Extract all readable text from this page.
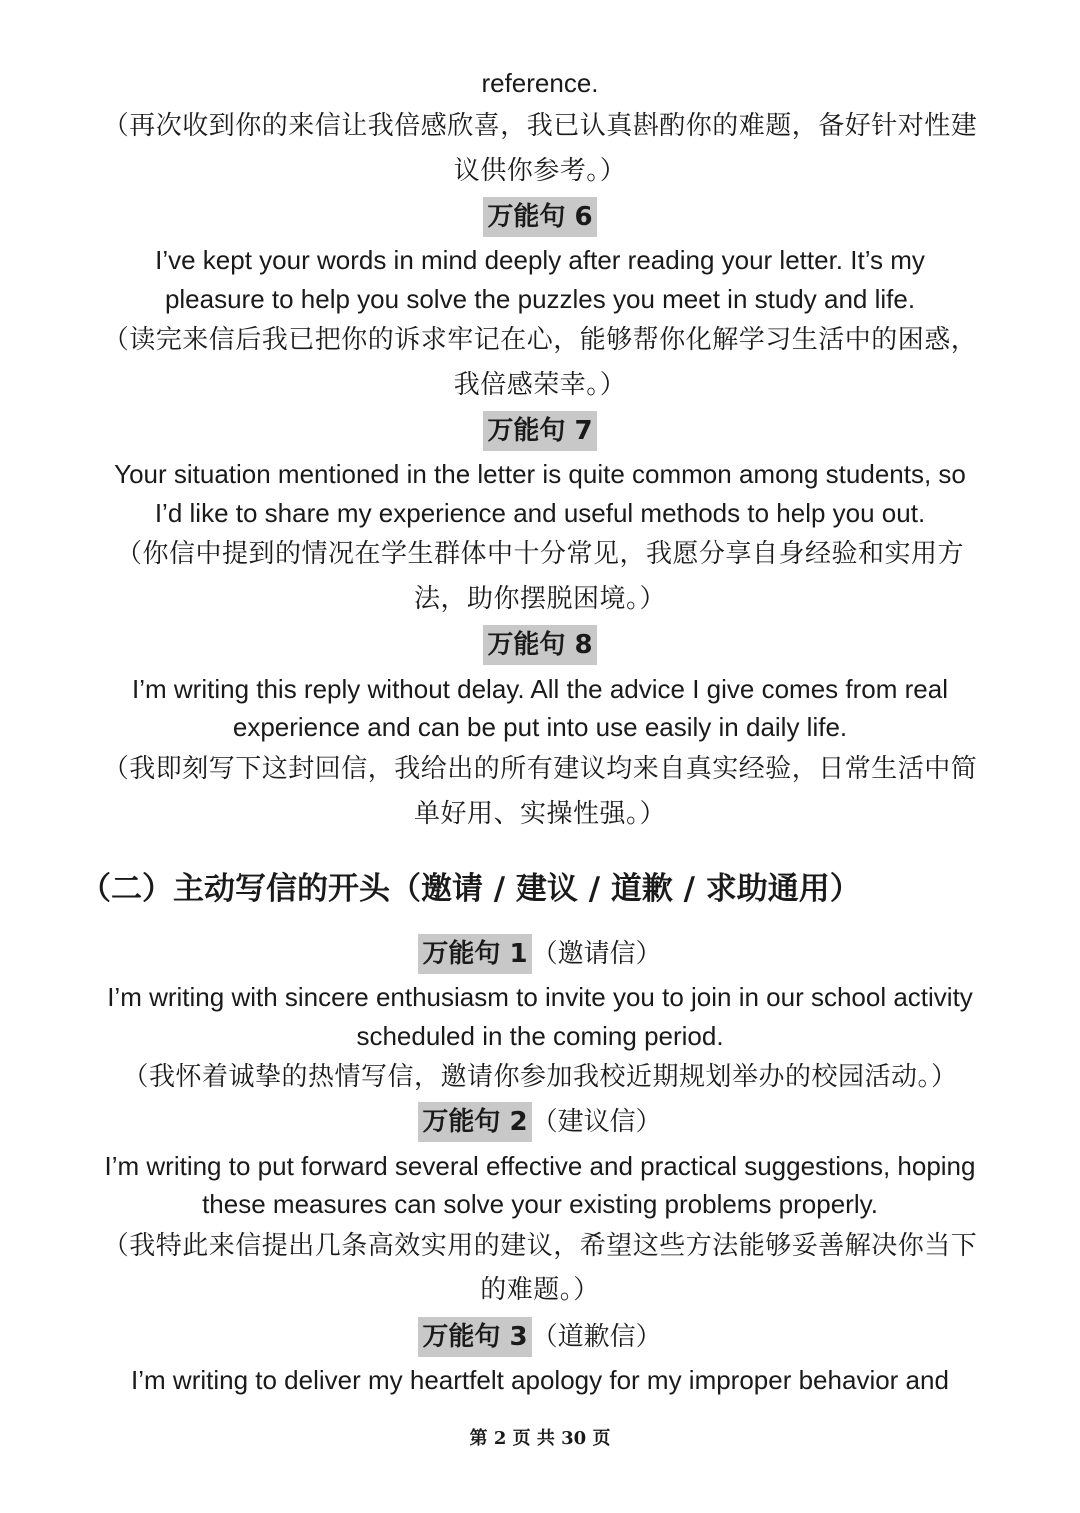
reference.
（再次收到你的来信让我倍感欣喜，我已认真斟酌你的难题，备好针对性建
议供你参考。）
万能句 6
I’ve kept your words in mind deeply after reading your letter. It’s my
pleasure to help you solve the puzzles you meet in study and life.
（读完来信后我已把你的诉求牢记在心，能够帮你化解学习生活中的困惑，
我倍感荣幸。）
万能句 7
Your situation mentioned in the letter is quite common among students, so
I’d like to share my experience and useful methods to help you out.
（你信中提到的情况在学生群体中十分常见，我愿分享自身经验和实用方
法，助你摆脱困境。）
万能句 8
I’m writing this reply without delay. All the advice I give comes from real
experience and can be put into use easily in daily life.
（我即刻写下这封回信，我给出的所有建议均来自真实经验，日常生活中简
单好用、实操性强。）
（二）主动写信的开头（邀请 / 建议 / 道歉 / 求助通用）
万能句 1 （邀请信）
I’m writing with sincere enthusiasm to invite you to join in our school activity
scheduled in the coming period.
（我怀着诚挚的热情写信，邀请你参加我校近期规划举办的校园活动。）
万能句 2 （建议信）
I’m writing to put forward several effective and practical suggestions, hoping
these measures can solve your existing problems properly.
（我特此来信提出几条高效实用的建议，希望这些方法能够妥善解决你当下
的难题。）
万能句 3 （道歉信）
I’m writing to deliver my heartfelt apology for my improper behavior and
第 2 页 共 30 页
